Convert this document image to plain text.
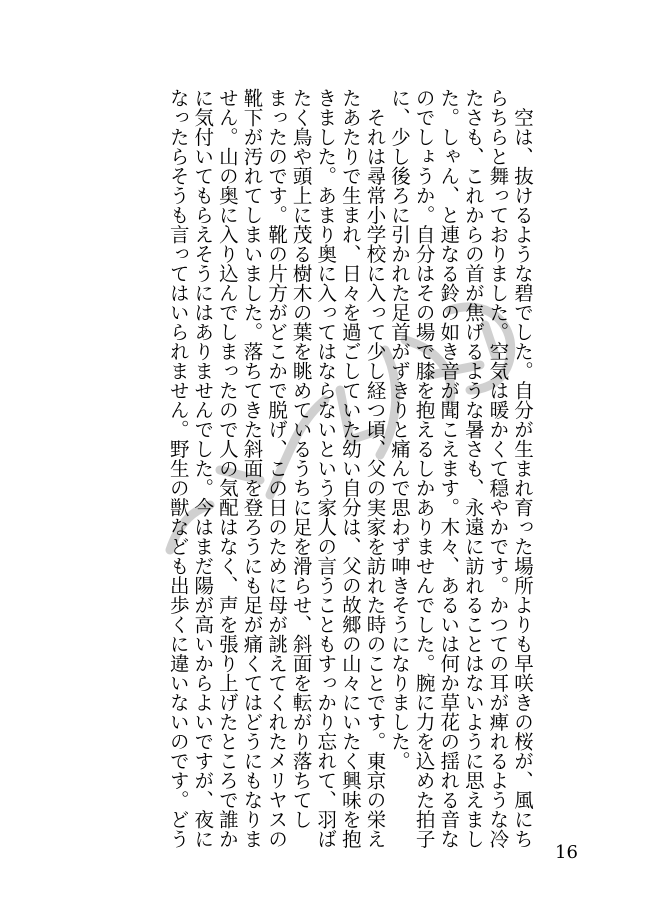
　空は、抜けるような碧でした。自分が生まれ育った場所よりも早咲きの桜が、風にち
らちらと舞っておりました。空気は暖かくて穏やかです。かつての耳が痺れるような冷
たさも、これからの首が焦げるような暑さも、永遠に訪れることはないように思えまし
た。しゃん、と連なる鈴の如き音が聞こえます。木々、あるいは何か草花の揺れる音な
のでしょうか。自分はその場で膝を抱えるしかありませんでした。腕に力を込めた拍子
に、少し後ろに引かれた足首がずきりと痛んで思わず呻きそうになりました。
　それは尋常小学校に入って少し経つ頃、父の実家を訪れた時のことです。東京の栄え
たあたりで生まれ、日々を過ごしていた幼い自分は、父の故郷の山々にいたく興味を抱
きました。あまり奥に入ってはならないという家人の言うこともすっかり忘れて、羽ば
たく鳥や頭上に茂る樹木の葉を眺めているうちに足を滑らせ、斜面を転がり落ちてし
まったのです。靴の片方がどこかで脱げ、この日のために母が誂えてくれたメリヤスの
靴下が汚れてしまいました。落ちてきた斜面を登ろうにも足が痛くてはどうにもなりま
せん。山の奥に入り込んでしまったので人の気配はなく、声を張り上げたところで誰か
に気付いてもらえそうにはありませんでした。今はまだ陽が高いからよいですが、夜に
なったらそうも言ってはいられません。野生の獣なども出歩くに違いないのです。どう
16
